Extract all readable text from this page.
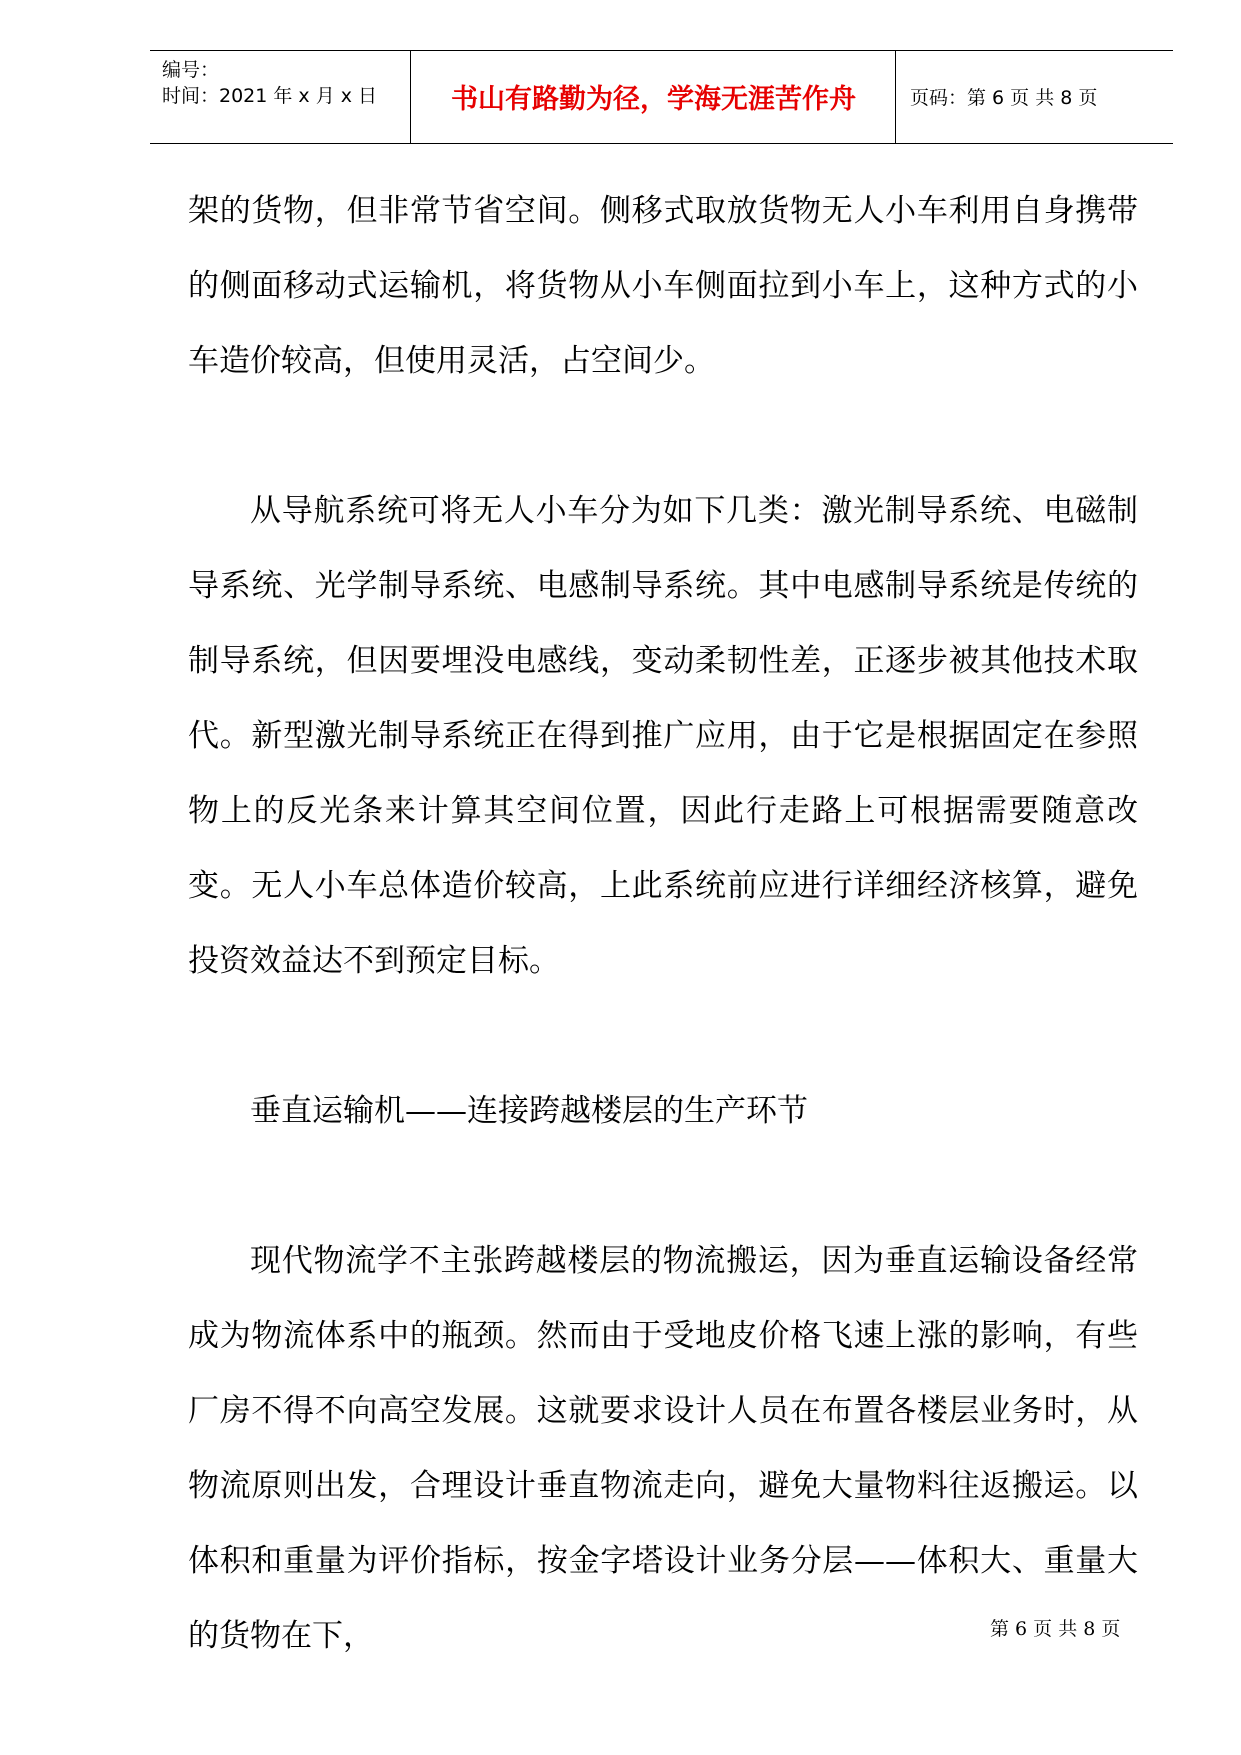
编号：
时间：2021 年 x 月 x 日	书山有路勤为径，学海无涯苦作舟	页码：第 6 页 共 8 页

架的货物，但非常节省空间。侧移式取放货物无人小车利用自身携带的侧面移动式运输机，将货物从小车侧面拉到小车上，这种方式的小车造价较高，但使用灵活，占空间少。

从导航系统可将无人小车分为如下几类：激光制导系统、电磁制导系统、光学制导系统、电感制导系统。其中电感制导系统是传统的制导系统，但因要埋没电感线，变动柔韧性差，正逐步被其他技术取代。新型激光制导系统正在得到推广应用，由于它是根据固定在参照物上的反光条来计算其空间位置，因此行走路上可根据需要随意改变。无人小车总体造价较高，上此系统前应进行详细经济核算，避免投资效益达不到预定目标。

垂直运输机——连接跨越楼层的生产环节

现代物流学不主张跨越楼层的物流搬运，因为垂直运输设备经常成为物流体系中的瓶颈。然而由于受地皮价格飞速上涨的影响，有些厂房不得不向高空发展。这就要求设计人员在布置各楼层业务时，从物流原则出发，合理设计垂直物流走向，避免大量物料往返搬运。以体积和重量为评价指标，按金字塔设计业务分层——体积大、重量大的货物在下，	第 6 页 共 8 页
